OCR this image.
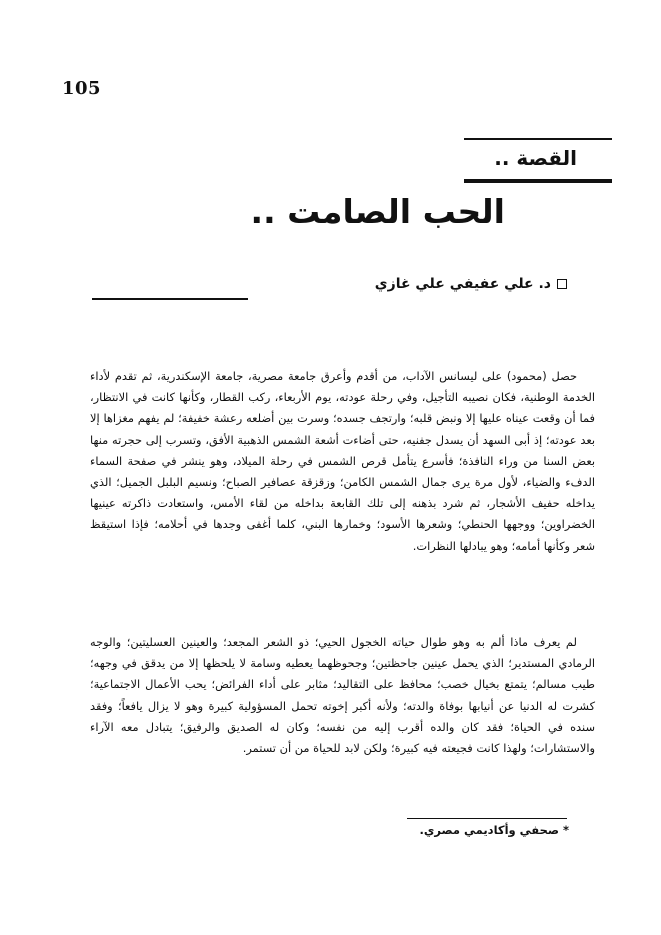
105
القصة ..
الحب الصامت ..
د. علي عفيفي علي غازي

حصل (محمود) على ليسانس الآداب، من أقدم وأعرق جامعة مصرية، جامعة الإسكندرية، ثم تقدم لأداء الخدمة الوطنية، فكان نصيبه التأجيل، وفي رحلة عودته، يوم الأربعاء، ركب القطار، وكأنها كانت في الانتظار، فما أن وقعت عيناه عليها إلا ونبض قلبه؛ وارتجف جسده؛ وسرت بين أضلعه رعشة خفيفة؛ لم يفهم مغزاها إلا بعد عودته؛ إذ أبى السهد أن يسدل جفنيه، حتى أضاءت أشعة الشمس الذهبية الأفق، وتسرب إلى حجرته منها بعض السنا من وراء النافذة؛ فأسرع يتأمل قرص الشمس في رحلة الميلاد، وهو ينشر في صفحة السماء الدفء والضياء، لأول مرة يرى جمال الشمس الكامن؛ وزقزقة عصافير الصباح؛ ونسيم البلبل الجميل؛ الذي يداخله حفيف الأشجار، ثم شرد بذهنه إلى تلك القابعة بداخله من لقاء الأمس، واستعادت ذاكرته عينيها الخضراوين؛ ووجهها الحنطي؛ وشعرها الأسود؛ وخمارها البني، كلما أغفى وجدها في أحلامه؛ فإذا استيقظ شعر وكأنها أمامه؛ وهو يبادلها النظرات.

لم يعرف ماذا ألم به وهو طوال حياته الخجول الحيي؛ ذو الشعر المجعد؛ والعينين العسليتين؛ والوجه الرمادي المستدير؛ الذي يحمل عينين جاحظتين؛ وجحوظهما يعطيه وسامة لا يلحظها إلا من يدقق في وجهه؛ طيب مسالم؛ يتمتع بخيال خصب؛ محافظ على التقاليد؛ مثابر على أداء الفرائض؛ يحب الأعمال الاجتماعية؛ كشرت له الدنيا عن أنيابها بوفاة والدته؛ ولأنه أكبر إخوته تحمل المسؤولية كبيرة وهو لا يزال يافعاً؛ وفقد سنده في الحياة؛ فقد كان والده أقرب إليه من نفسه؛ وكان له الصديق والرفيق؛ يتبادل معه الآراء والاستشارات؛ ولهذا كانت فجيعته فيه كبيرة؛ ولكن لابد للحياة من أن تستمر.

* صحفي وأكاديمي مصري.
